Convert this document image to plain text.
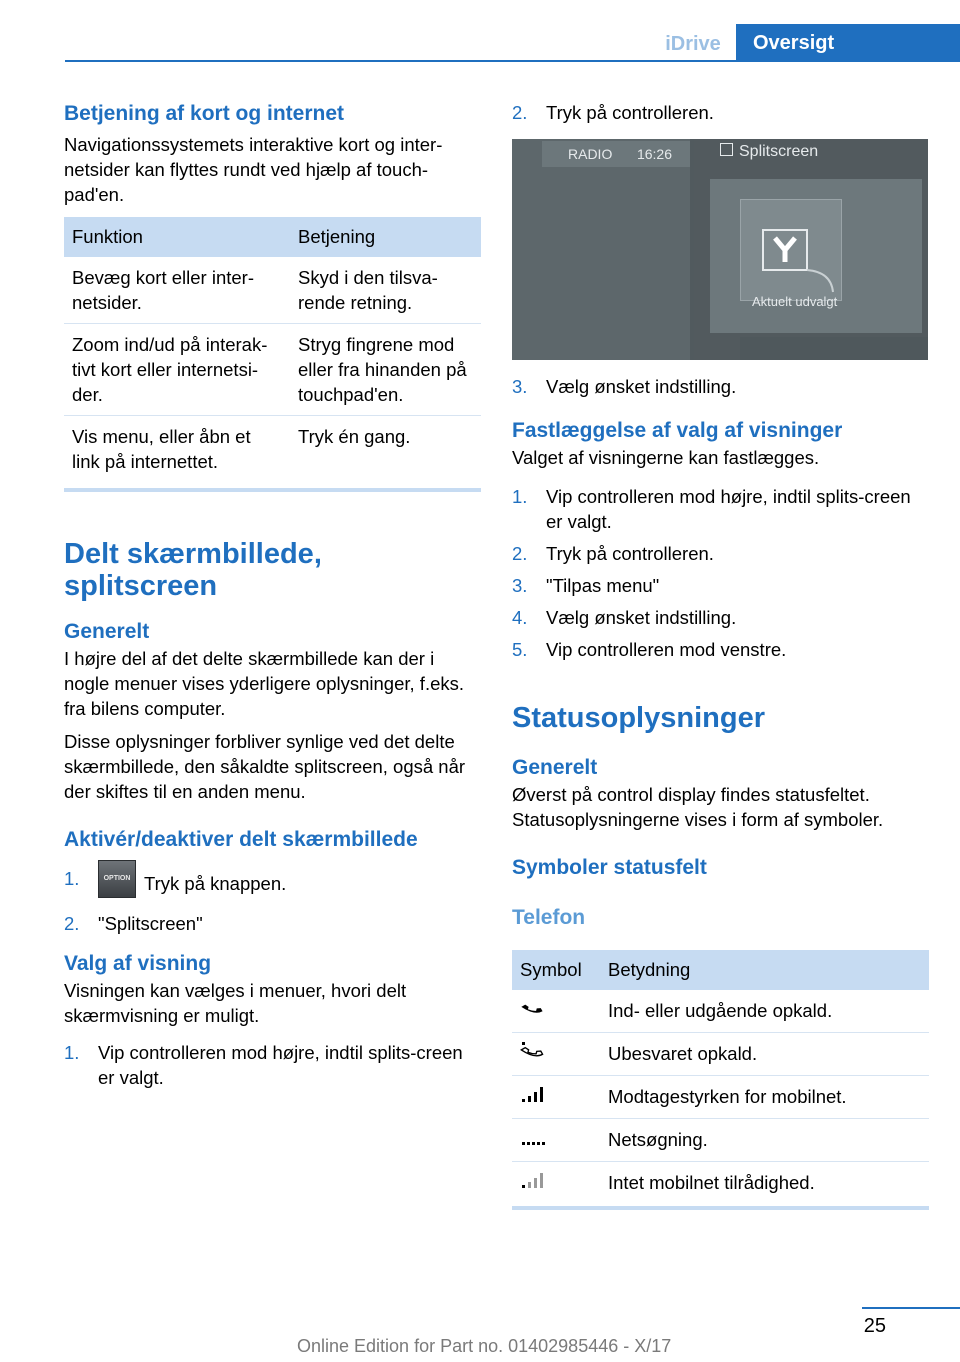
iDrive	Oversigt
Betjening af kort og internet

Navigationssystemets interaktive kort og inter-netsider kan flyttes rundt ved hjælp af touch-pad'en.

Funktion	Betjening
Bevæg kort eller inter-netsider.	Skyd i den tilsva-rende retning.
Zoom ind/ud på interak-tivt kort eller internetsi-der.	Stryg fingrene mod eller fra hinanden på touchpad'en.
Vis menu, eller åbn et link på internettet.	Tryk én gang.
Delt skærmbillede, splitscreen
Generelt

I højre del af det delte skærmbillede kan der i nogle menuer vises yderligere oplysninger, f.eks. fra bilens computer.

Disse oplysninger forbliver synlige ved det delte skærmbillede, den såkaldte splitscreen, også når der skiftes til en anden menu.

Aktivér/deaktiver delt skærmbillede
1.	OPTION Tryk på knappen.
2. "Splitscreen"
Valg af visning

Visningen kan vælges i menuer, hvori delt skærmvisning er muligt.

1. Vip controlleren mod højre, indtil splits-creen er valgt.
2. Tryk på controlleren.
RADIO 16:26	Splitscreen
Aktuelt udvalgt
3. Vælg ønsket indstilling.
Fastlæggelse af valg af visninger

Valget af visningerne kan fastlægges.

1. Vip controlleren mod højre, indtil splits-creen er valgt.
2. Tryk på controlleren.
3. "Tilpas menu"
4. Vælg ønsket indstilling.
5. Vip controlleren mod venstre.
Statusoplysninger
Generelt

Øverst på control display findes statusfeltet. Statusoplysningerne vises i form af symboler.

Symboler statusfelt
Telefon
Symbol	Betydning
	Ind- eller udgående opkald.
	Ubesvaret opkald.
	Modtagestyrken for mobilnet.
	Netsøgning.
	Intet mobilnet tilrådighed.
25
Online Edition for Part no. 01402985446 - X/17
